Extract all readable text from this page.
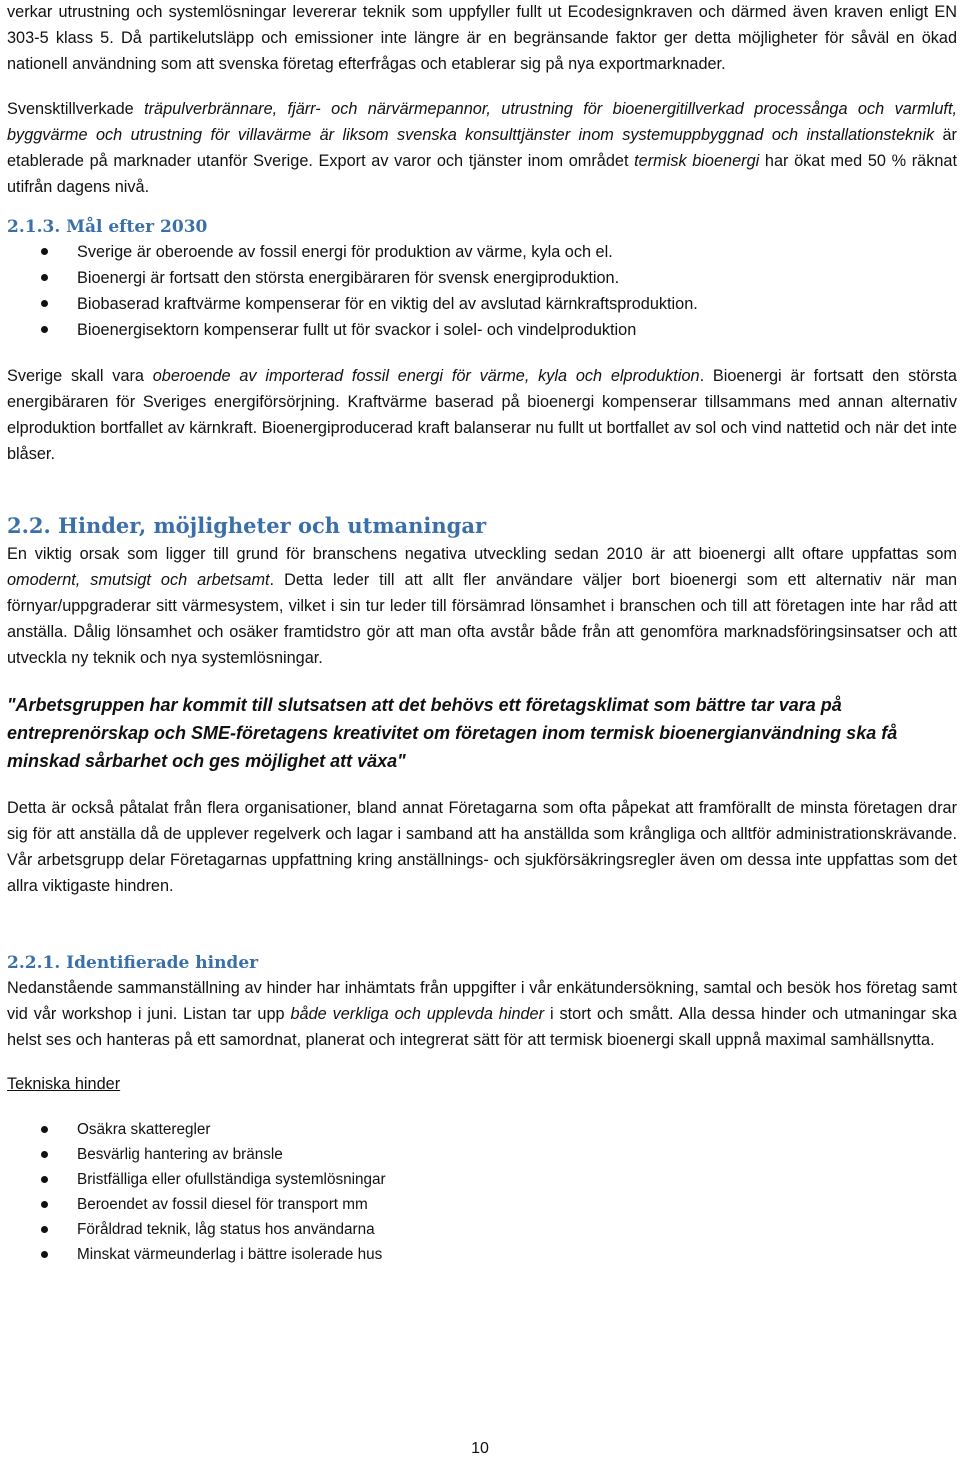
verkar utrustning och systemlösningar levererar teknik som uppfyller fullt ut Ecodesignkraven och därmed även kraven enligt EN 303-5 klass 5. Då partikelutsläpp och emissioner inte längre är en begränsande faktor ger detta möjligheter för såväl en ökad nationell användning som att svenska företag efterfrågas och etablerar sig på nya exportmarknader.

Svensktillverkade träpulverbrännare, fjärr- och närvärmepannor, utrustning för bioenergitillverkad processånga och varmluft, byggvärme och utrustning för villavärme är liksom svenska konsulttjänster inom systemuppbyggnad och installationsteknik är etablerade på marknader utanför Sverige. Export av varor och tjänster inom området termisk bioenergi har ökat med 50 % räknat utifrån dagens nivå.

2.1.3. Mål efter 2030
Sverige är oberoende av fossil energi för produktion av värme, kyla och el.
Bioenergi är fortsatt den största energibäraren för svensk energiproduktion.
Biobaserad kraftvärme kompenserar för en viktig del av avslutad kärnkraftsproduktion.
Bioenergisektorn kompenserar fullt ut för svackor i solel- och vindelproduktion

Sverige skall vara oberoende av importerad fossil energi för värme, kyla och elproduktion. Bioenergi är fortsatt den största energibäraren för Sveriges energiförsörjning. Kraftvärme baserad på bioenergi kompenserar tillsammans med annan alternativ elproduktion bortfallet av kärnkraft. Bioenergiproducerad kraft balanserar nu fullt ut bortfallet av sol och vind nattetid och när det inte blåser.

2.2. Hinder, möjligheter och utmaningar

En viktig orsak som ligger till grund för branschens negativa utveckling sedan 2010 är att bioenergi allt oftare uppfattas som omodernt, smutsigt och arbetsamt. Detta leder till att allt fler användare väljer bort bioenergi som ett alternativ när man förnyar/uppgraderar sitt värmesystem, vilket i sin tur leder till försämrad lönsamhet i branschen och till att företagen inte har råd att anställa. Dålig lönsamhet och osäker framtidstro gör att man ofta avstår både från att genomföra marknadsföringsinsatser och att utveckla ny teknik och nya systemlösningar.

"Arbetsgruppen har kommit till slutsatsen att det behövs ett företagsklimat som bättre tar vara på entreprenörskap och SME-företagens kreativitet om företagen inom termisk bioenergianvändning ska få minskad sårbarhet och ges möjlighet att växa"

Detta är också påtalat från flera organisationer, bland annat Företagarna som ofta påpekat att framförallt de minsta företagen drar sig för att anställa då de upplever regelverk och lagar i samband att ha anställda som krångliga och alltför administrationskrävande. Vår arbetsgrupp delar Företagarnas uppfattning kring anställnings- och sjukförsäkringsregler även om dessa inte uppfattas som det allra viktigaste hindren.

2.2.1. Identifierade hinder

Nedanstående sammanställning av hinder har inhämtats från uppgifter i vår enkätundersökning, samtal och besök hos företag samt vid vår workshop i juni. Listan tar upp både verkliga och upplevda hinder i stort och smått. Alla dessa hinder och utmaningar ska helst ses och hanteras på ett samordnat, planerat och integrerat sätt för att termisk bioenergi skall uppnå maximal samhällsnytta.

Tekniska hinder

Osäkra skatteregler
Besvärlig hantering av bränsle
Bristfälliga eller ofullständiga systemlösningar
Beroendet av fossil diesel för transport mm
Föråldrad teknik, låg status hos användarna
Minskat värmeunderlag i bättre isolerade hus
10
